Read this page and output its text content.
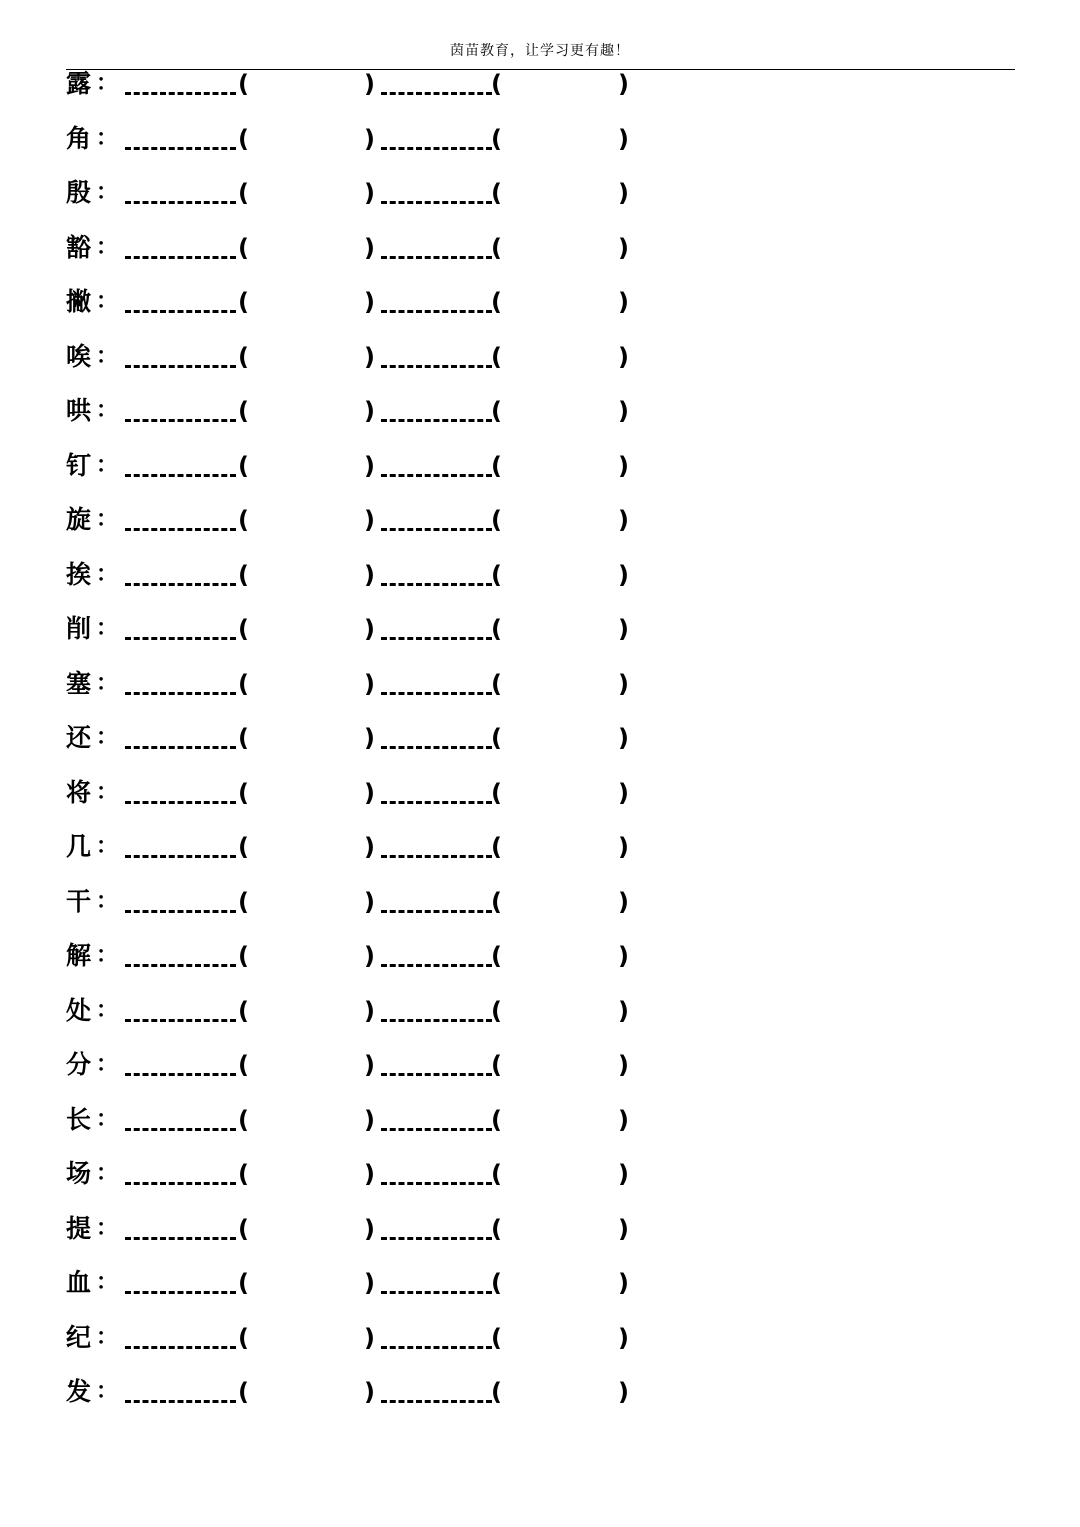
茵苗教育，让学习更有趣！
露 ：	(	)	(	)
角 ：	(	)	(	)
殷 ：	(	)	(	)
豁 ：	(	)	(	)
撇 ：	(	)	(	)
唉 ：	(	)	(	)
哄 ：	(	)	(	)
钉 ：	(	)	(	)
旋 ：	(	)	(	)
挨 ：	(	)	(	)
削 ：	(	)	(	)
塞 ：	(	)	(	)
还 ：	(	)	(	)
将 ：	(	)	(	)
几 ：	(	)	(	)
干 ：	(	)	(	)
解 ：	(	)	(	)
处 ：	(	)	(	)
分 ：	(	)	(	)
长 ：	(	)	(	)
场 ：	(	)	(	)
提 ：	(	)	(	)
血 ：	(	)	(	)
纪 ：	(	)	(	)
发 ：	(	)	(	)
